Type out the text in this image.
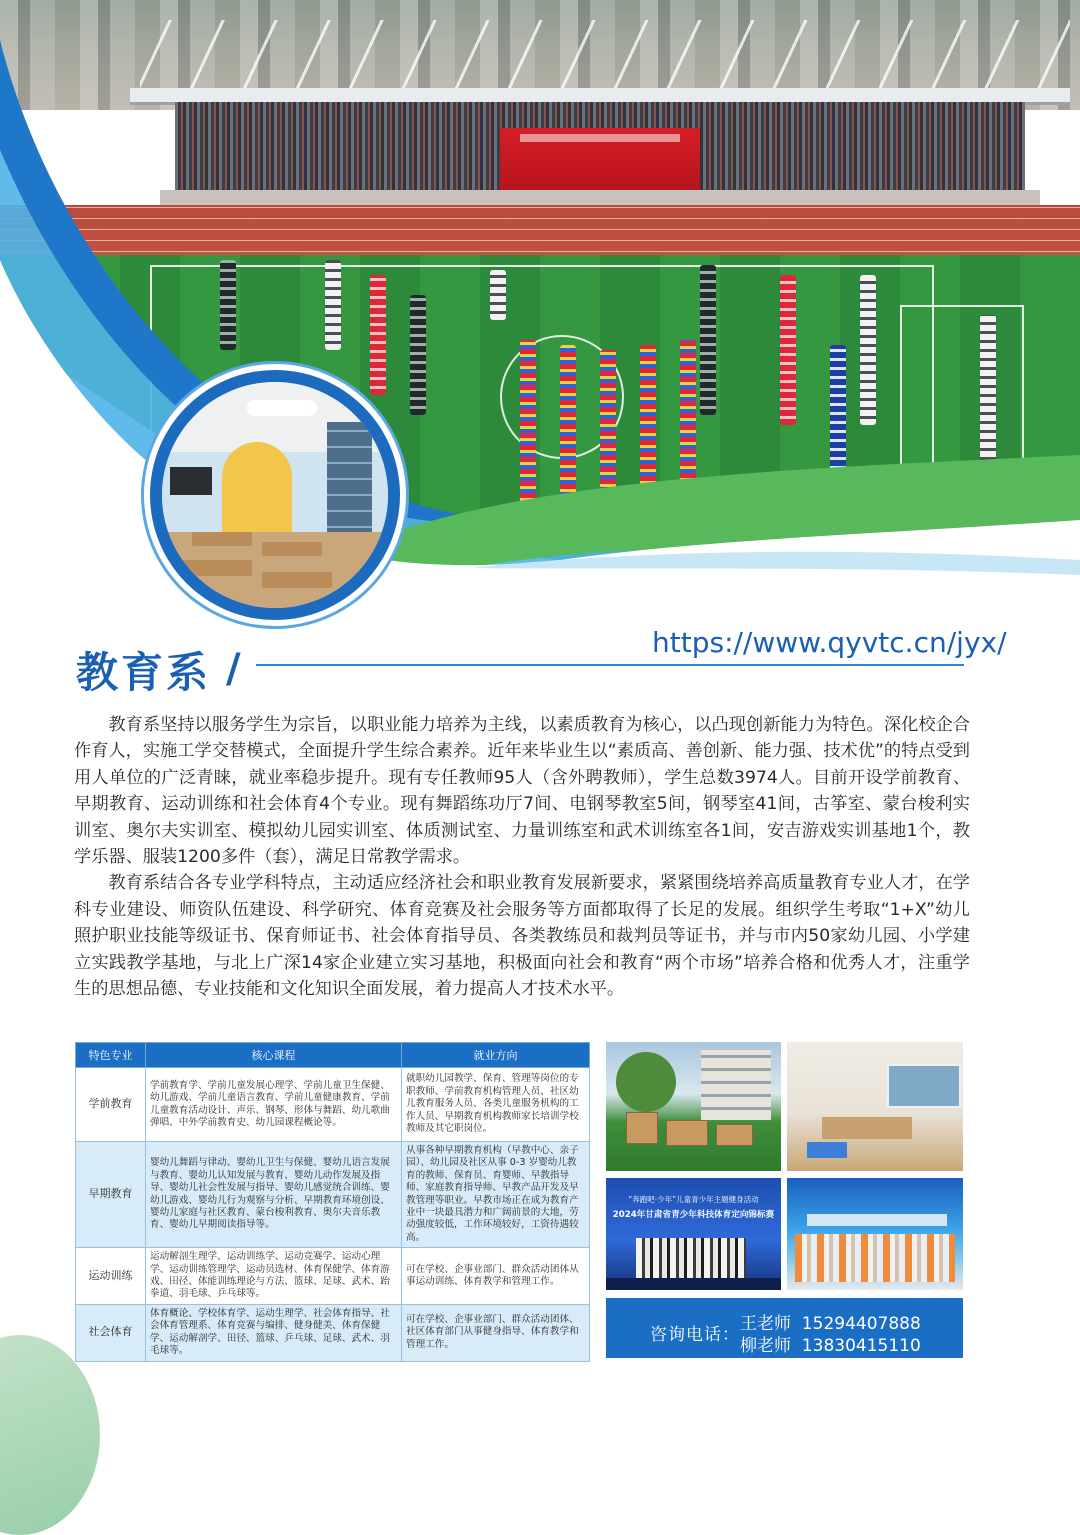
教育系 /
https://www.qyvtc.cn/jyx/

教育系坚持以服务学生为宗旨，以职业能力培养为主线，以素质教育为核心，以凸现创新能力为特色。深化校企合作育人，实施工学交替模式，全面提升学生综合素养。近年来毕业生以“素质高、善创新、能力强、技术优”的特点受到用人单位的广泛青睐，就业率稳步提升。现有专任教师95人（含外聘教师），学生总数3974人。目前开设学前教育、早期教育、运动训练和社会体育4个专业。现有舞蹈练功厅7间、电钢琴教室5间，钢琴室41间，古筝室、蒙台梭利实训室、奥尔夫实训室、模拟幼儿园实训室、体质测试室、力量训练室和武术训练室各1间，安吉游戏实训基地1个，教学乐器、服装1200多件（套），满足日常教学需求。

教育系结合各专业学科特点，主动适应经济社会和职业教育发展新要求，紧紧围绕培养高质量教育专业人才，在学科专业建设、师资队伍建设、科学研究、体育竞赛及社会服务等方面都取得了长足的发展。组织学生考取“1+X”幼儿照护职业技能等级证书、保育师证书、社会体育指导员、各类教练员和裁判员等证书，并与市内50家幼儿园、小学建立实践教学基地，与北上广深14家企业建立实习基地，积极面向社会和教育“两个市场”培养合格和优秀人才，注重学生的思想品德、专业技能和文化知识全面发展，着力提高人才技术水平。

特色专业	核心课程	就业方向
学前教育	学前教育学、学前儿童发展心理学、学前儿童卫生保健、幼儿游戏、学前儿童语言教育、学前儿童健康教育、学前儿童教育活动设计、声乐、钢琴、形体与舞蹈、幼儿歌曲弹唱、中外学前教育史、幼儿园课程概论等。	就职幼儿园教学、保育、管理等岗位的专职教师、学前教育机构管理人员、社区幼儿教育服务人员、各类儿童服务机构的工作人员、早期教育机构教师家长培训学校教师及其它职岗位。
早期教育	婴幼儿舞蹈与律动、婴幼儿卫生与保健、婴幼儿语言发展与教育、婴幼儿认知发展与教育、婴幼儿动作发展及指导、婴幼儿社会性发展与指导、婴幼儿感觉统合训练、婴幼儿游戏、婴幼儿行为观察与分析、早期教育环境创设、婴幼儿家庭与社区教育、蒙台梭利教育、奥尔夫音乐教育、婴幼儿早期阅读指导等。	从事各种早期教育机构（早教中心、亲子园）、幼儿园及社区从事 0-3 岁婴幼儿教育的教师、保育员、育婴师、早教指导师、家庭教育指导师、早教产品开发及早教管理等职业。早教市场正在成为教育产业中一块最具潜力和广阔前景的大地，劳动强度较低，工作环境较好，工资待遇较高。
运动训练	运动解剖生理学、运动训练学、运动竞赛学、运动心理学、运动训练管理学、运动员选材、体育保健学、体育游戏、田径、体能训练理论与方法、篮球、足球、武术、跆拳道、羽毛球、乒乓球等。	可在学校、企事业部门、群众活动团体从事运动训练、体育教学和管理工作。
社会体育	体育概论、学校体育学、运动生理学、社会体育指导、社会体育管理系、体育竞赛与编排、健身健美、体育保健学、运动解剖学、田径、篮球、乒乓球、足球、武术、羽毛球等。	可在学校、企事业部门、群众活动团体、社区体育部门从事健身指导、体育教学和管理工作。
“奔跑吧·少年”儿童青少年主题健身活动
2024年甘肃省青少年科技体育定向锦标赛
咨询电话：
王老师  15294407888
柳老师  13830415110
